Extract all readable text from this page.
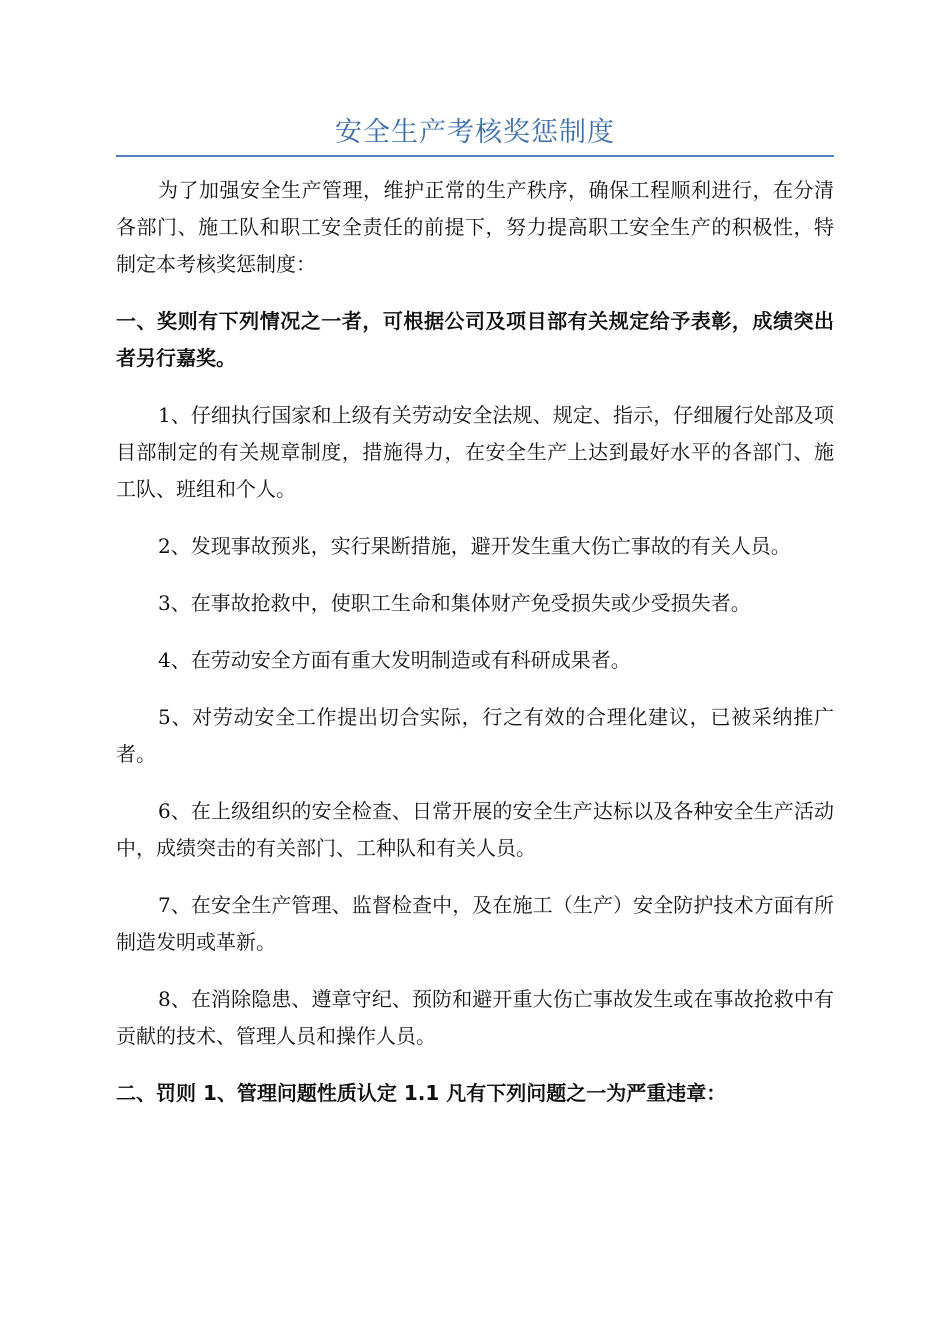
安全生产考核奖惩制度

为了加强安全生产管理，维护正常的生产秩序，确保工程顺利进行，在分清各部门、施工队和职工安全责任的前提下，努力提高职工安全生产的积极性，特制定本考核奖惩制度：

一、奖则有下列情况之一者，可根据公司及项目部有关规定给予表彰，成绩突出者另行嘉奖。

1、仔细执行国家和上级有关劳动安全法规、规定、指示，仔细履行处部及项目部制定的有关规章制度，措施得力，在安全生产上达到最好水平的各部门、施工队、班组和个人。
2、发现事故预兆，实行果断措施，避开发生重大伤亡事故的有关人员。
3、在事故抢救中，使职工生命和集体财产免受损失或少受损失者。
4、在劳动安全方面有重大发明制造或有科研成果者。
5、对劳动安全工作提出切合实际，行之有效的合理化建议，已被采纳推广者。
6、在上级组织的安全检查、日常开展的安全生产达标以及各种安全生产活动中，成绩突击的有关部门、工种队和有关人员。
7、在安全生产管理、监督检查中，及在施工（生产）安全防护技术方面有所制造发明或革新。
8、在消除隐患、遵章守纪、预防和避开重大伤亡事故发生或在事故抢救中有贡献的技术、管理人员和操作人员。

二、罚则 1、管理问题性质认定 1.1 凡有下列问题之一为严重违章：
